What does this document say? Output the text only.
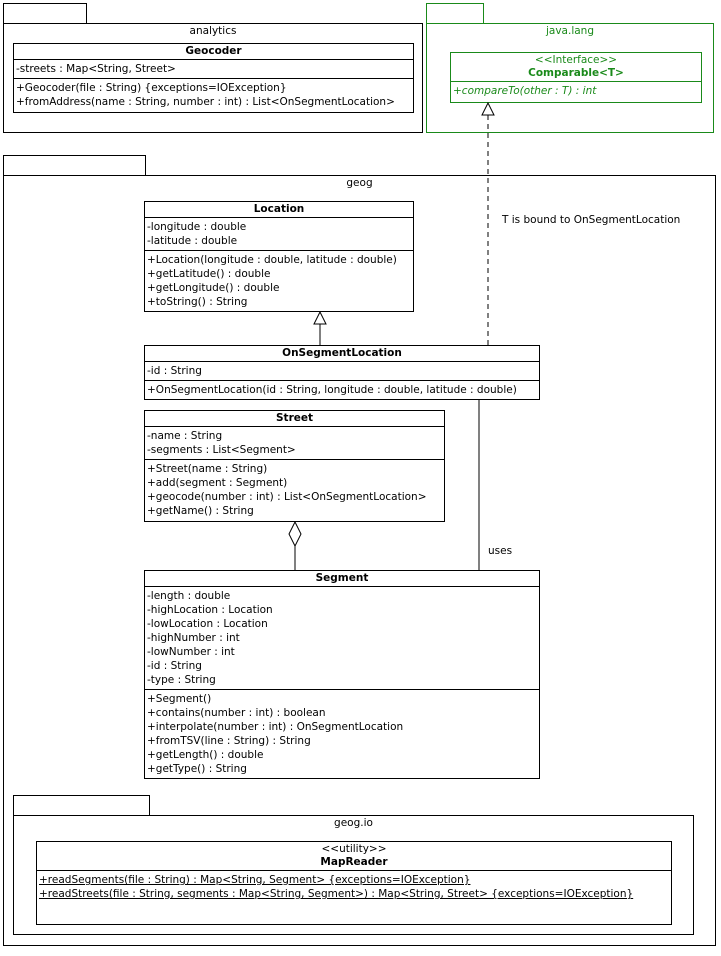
analytics	java.lang
geog
geog.io
Geocoder
-streets : Map<String, Street>
+Geocoder(file : String) {exceptions=IOException}
+fromAddress(name : String, number : int) : List<OnSegmentLocation>
<<Interface>>
Comparable<T>
+compareTo(other : T) : int
Location
-longitude : double
-latitude : double
+Location(longitude : double, latitude : double)
+getLatitude() : double
+getLongitude() : double
+toString() : String
OnSegmentLocation
-id : String
+OnSegmentLocation(id : String, longitude : double, latitude : double)
Street
-name : String
-segments : List<Segment>
+Street(name : String)
+add(segment : Segment)
+geocode(number : int) : List<OnSegmentLocation>
+getName() : String
Segment
-length : double
-highLocation : Location
-lowLocation : Location
-highNumber : int
-lowNumber : int
-id : String
-type : String
+Segment()
+contains(number : int) : boolean
+interpolate(number : int) : OnSegmentLocation
+fromTSV(line : String) : String
+getLength() : double
+getType() : String
<<utility>>
MapReader
+readSegments(file : String) : Map<String, Segment> {exceptions=IOException}
+readStreets(file : String, segments : Map<String, Segment>) : Map<String, Street> {exceptions=IOException}
T is bound to OnSegmentLocation
uses
